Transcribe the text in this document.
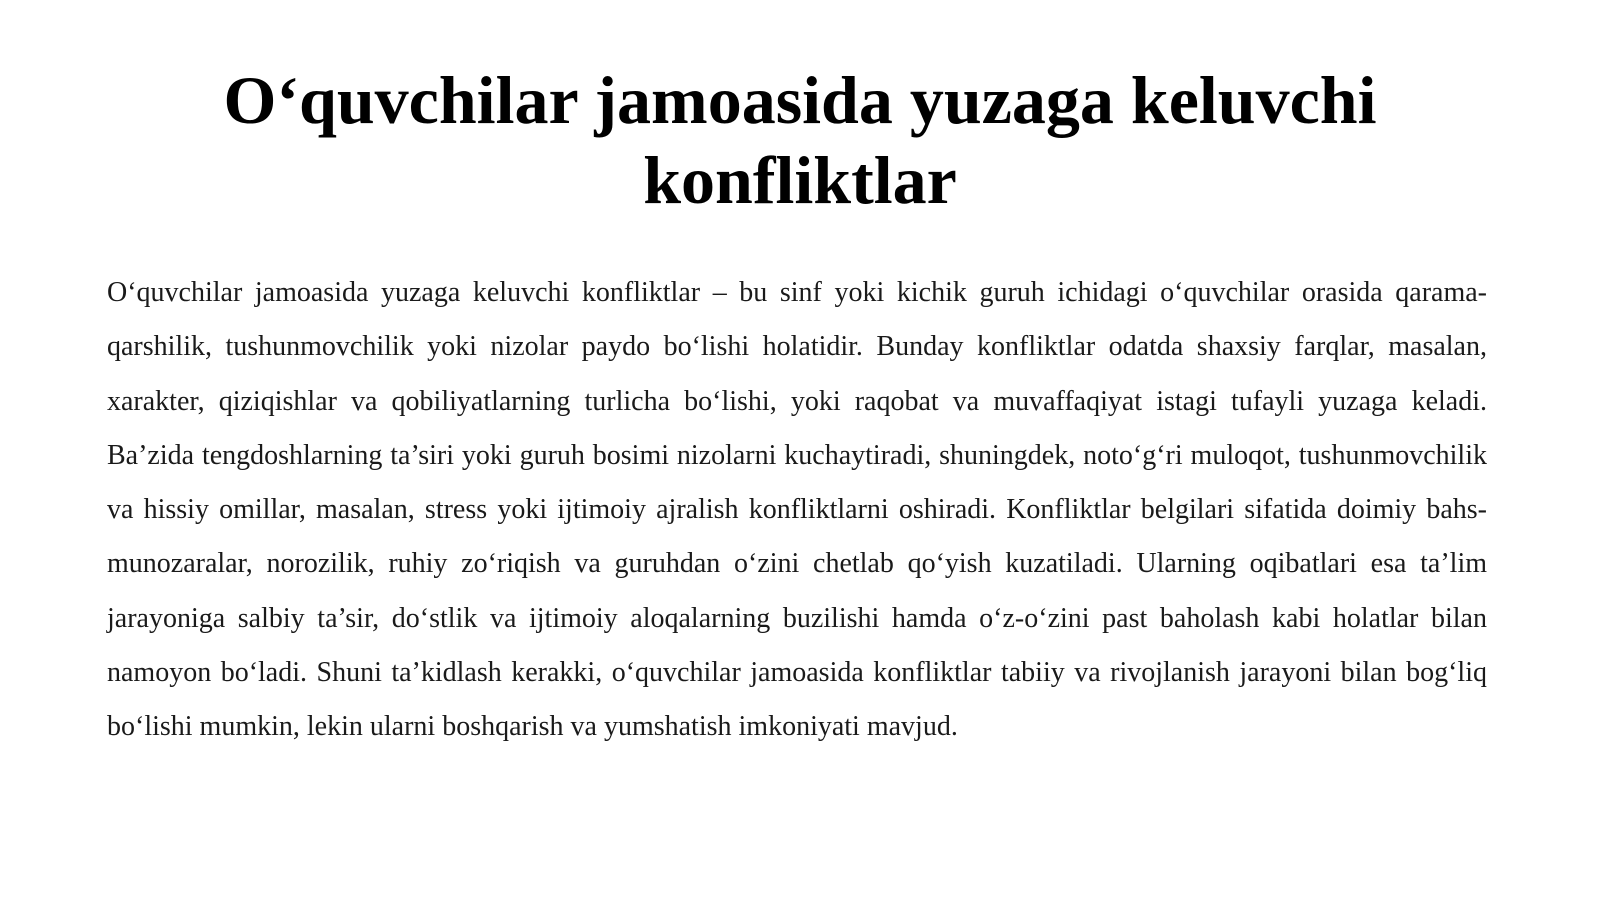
O‘quvchilar jamoasida yuzaga keluvchi konfliktlar

O‘quvchilar jamoasida yuzaga keluvchi konfliktlar – bu sinf yoki kichik guruh ichidagi o‘quvchilar orasida qarama-qarshilik, tushunmovchilik yoki nizolar paydo bo‘lishi holatidir. Bunday konfliktlar odatda shaxsiy farqlar, masalan, xarakter, qiziqishlar va qobiliyatlarning turlicha bo‘lishi, yoki raqobat va muvaffaqiyat istagi tufayli yuzaga keladi. Ba’zida tengdoshlarning ta’siri yoki guruh bosimi nizolarni kuchaytiradi, shuningdek, noto‘g‘ri muloqot, tushunmovchilik va hissiy omillar, masalan, stress yoki ijtimoiy ajralish konfliktlarni oshiradi. Konfliktlar belgilari sifatida doimiy bahs-munozaralar, norozilik, ruhiy zo‘riqish va guruhdan o‘zini chetlab qo‘yish kuzatiladi. Ularning oqibatlari esa ta’lim jarayoniga salbiy ta’sir, do‘stlik va ijtimoiy aloqalarning buzilishi hamda o‘z-o‘zini past baholash kabi holatlar bilan namoyon bo‘ladi. Shuni ta’kidlash kerakki, o‘quvchilar jamoasida konfliktlar tabiiy va rivojlanish jarayoni bilan bog‘liq bo‘lishi mumkin, lekin ularni boshqarish va yumshatish imkoniyati mavjud.
